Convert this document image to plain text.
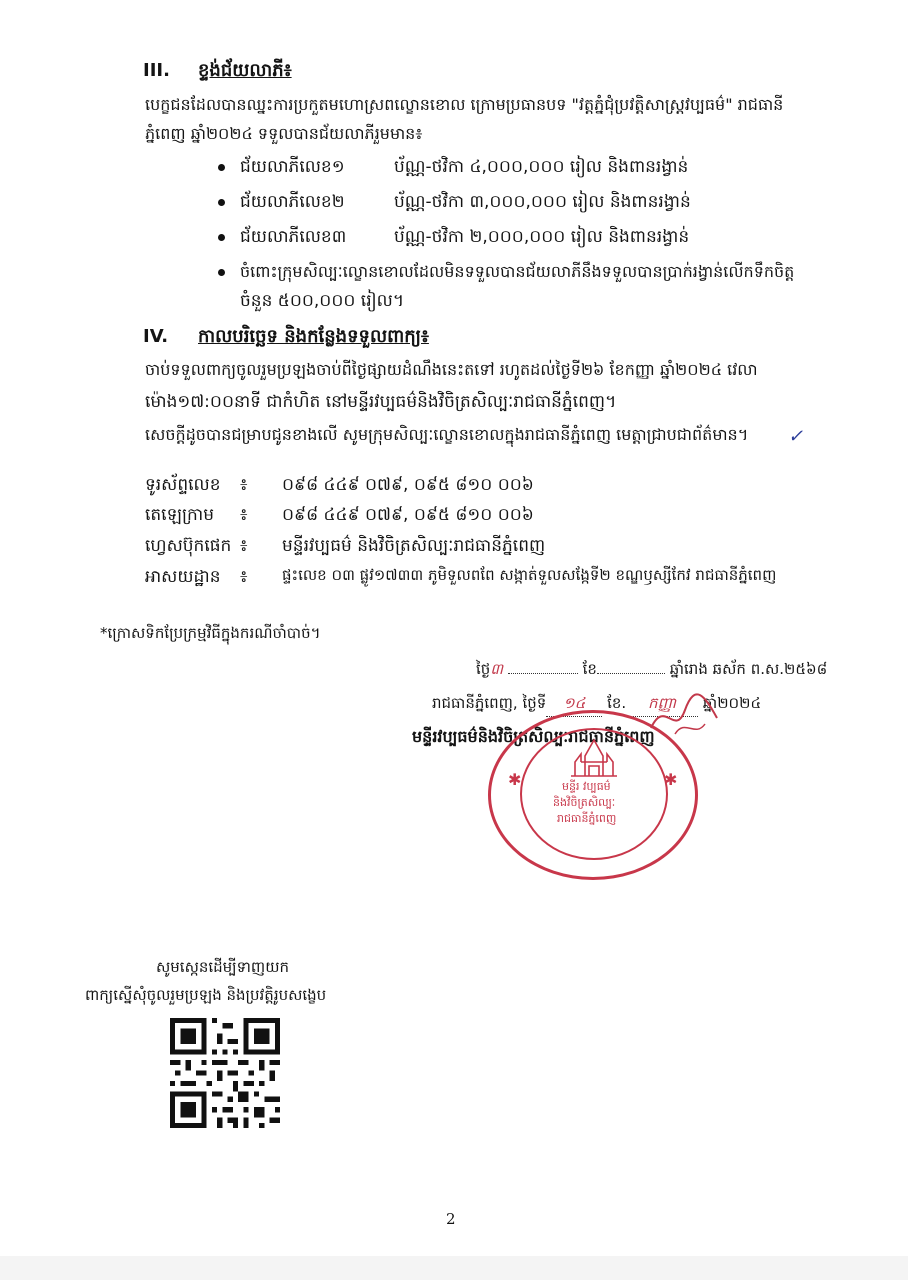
III. ខ្ទង់ជ័យលាភី៖
បេក្ខជនដែលបានឈ្នះការប្រកួតមហោស្រពល្ខោនខោល ក្រោមប្រធានបទ "វត្តភ្នំជុំប្រវត្តិសាស្ត្រវប្បធម៌" រាជធានី
ភ្នំពេញ ឆ្នាំ២០២៤ ទទួលបានជ័យលាភីរួមមាន៖
ជ័យលាភីលេខ១	ប័ណ្ណ-ថវិកា ៤,០០០,០០០ រៀល និងពានរង្វាន់
ជ័យលាភីលេខ២	ប័ណ្ណ-ថវិកា ៣,០០០,០០០ រៀល និងពានរង្វាន់
ជ័យលាភីលេខ៣	ប័ណ្ណ-ថវិកា ២,០០០,០០០ រៀល និងពានរង្វាន់
ចំពោះក្រុមសិល្បៈល្ខោនខោលដែលមិនទទួលបានជ័យលាភីនឹងទទួលបានប្រាក់រង្វាន់លើកទឹកចិត្ត
ចំនួន ៥០០,០០០ រៀល។
IV. កាលបរិច្ឆេទ និងកន្លែងទទួលពាក្យ៖
ចាប់ទទួលពាក្យចូលរួមប្រឡងចាប់ពីថ្ងៃផ្សាយដំណឹងនេះតទៅ រហូតដល់ថ្ងៃទី២៦ ខែកញ្ញា ឆ្នាំ២០២៤ វេលា
ម៉ោង១៧:០០នាទី ជាកំហិត នៅមន្ទីរវប្បធម៌និងវិចិត្រសិល្បៈរាជធានីភ្នំពេញ។
សេចក្តីដូចបានជម្រាបជូនខាងលើ សូមក្រុមសិល្បៈល្ខោនខោលក្នុងរាជធានីភ្នំពេញ មេត្តាជ្រាបជាព័ត៌មាន។ ✓
ទូរស័ព្ទលេខ ៖ ០៩៨ ៤៤៩ ០៧៩, ០៩៥ ៨១០ ០០៦
តេឡេក្រាម ៖ ០៩៨ ៤៤៩ ០៧៩, ០៩៥ ៨១០ ០០៦
ហ្វេសប៊ុកផេក ៖ មន្ទីរវប្បធម៌ និងវិចិត្រសិល្បៈរាជធានីភ្នំពេញ
អាសយដ្ឋាន ៖ ផ្ទះលេខ ០៣ ផ្លូវ១៧៣៣ ភូមិទួលពពែ សង្កាត់ទួលសង្កែទី២ ខណ្ឌឫស្សីកែវ រាជធានីភ្នំពេញ
*ក្រោសទិកប្រែក្រម្មវិធីក្នុងករណីចាំបាច់។
ថ្ងៃ៣	ខែ	ឆ្នាំរោង ឆស័ក ព.ស.២៥៦៨
រាជធានីភ្នំពេញ, ថ្ងៃទី ១៤ ខែ. កញ្ញា ឆ្នាំ២០២៤
មន្ទីរវប្បធម៌និងវិចិត្រសិល្បៈរាជធានីភ្នំពេញ
✱	✱
មន្ទីរ វប្បធម៌
និងវិចិត្រសិល្បៈ
រាជធានីភ្នំពេញ
សូមស្កេនដើម្បីទាញយក
ពាក្យស្នើសុំចូលរួមប្រឡង និងប្រវត្តិរូបសង្ខេប
2
